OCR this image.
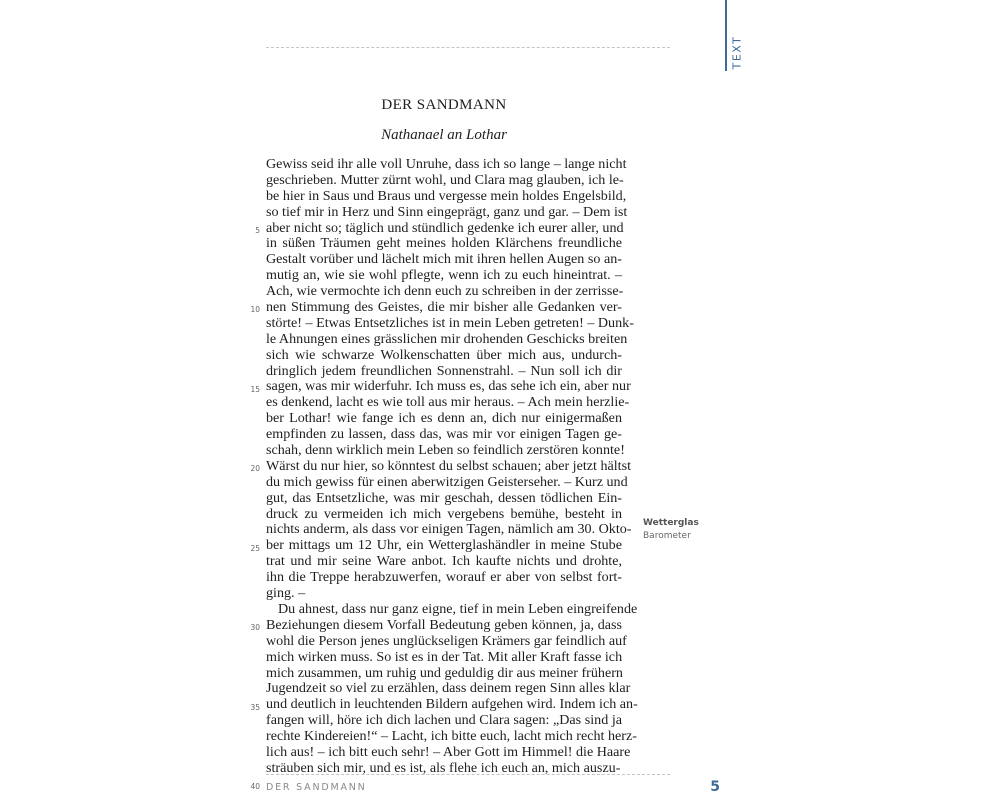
TEXT
DER SANDMANN
Nathanael an Lothar
Gewiss seid ihr alle voll Unruhe, dass ich so lange – lange nicht
geschrieben. Mutter zürnt wohl, und Clara mag glauben, ich le-
be hier in Saus und Braus und vergesse mein holdes Engelsbild,
so tief mir in Herz und Sinn eingeprägt, ganz und gar. – Dem ist
aber nicht so; täglich und stündlich gedenke ich eurer aller, und
in süßen Träumen geht meines holden Klärchens freundliche
Gestalt vorüber und lächelt mich mit ihren hellen Augen so an-
mutig an, wie sie wohl pflegte, wenn ich zu euch hineintrat. –
Ach, wie vermochte ich denn euch zu schreiben in der zerrisse-
nen Stimmung des Geistes, die mir bisher alle Gedanken ver-
störte! – Etwas Entsetzliches ist in mein Leben getreten! – Dunk-
le Ahnungen eines grässlichen mir drohenden Geschicks breiten
sich wie schwarze Wolkenschatten über mich aus, undurch-
dringlich jedem freundlichen Sonnenstrahl. – Nun soll ich dir
sagen, was mir widerfuhr. Ich muss es, das sehe ich ein, aber nur
es denkend, lacht es wie toll aus mir heraus. – Ach mein herzlie-
ber Lothar! wie fange ich es denn an, dich nur einigermaßen
empfinden zu lassen, dass das, was mir vor einigen Tagen ge-
schah, denn wirklich mein Leben so feindlich zerstören konnte!
Wärst du nur hier, so könntest du selbst schauen; aber jetzt hältst
du mich gewiss für einen aberwitzigen Geisterseher. – Kurz und
gut, das Entsetzliche, was mir geschah, dessen tödlichen Ein-
druck zu vermeiden ich mich vergebens bemühe, besteht in
nichts anderm, als dass vor einigen Tagen, nämlich am 30. Okto-
ber mittags um 12 Uhr, ein Wetterglashändler in meine Stube
trat und mir seine Ware anbot. Ich kaufte nichts und drohte,
ihn die Treppe herabzuwerfen, worauf er aber von selbst fort-
ging. –
Du ahnest, dass nur ganz eigne, tief in mein Leben eingreifende
Beziehungen diesem Vorfall Bedeutung geben können, ja, dass
wohl die Person jenes unglückseligen Krämers gar feindlich auf
mich wirken muss. So ist es in der Tat. Mit aller Kraft fasse ich
mich zusammen, um ruhig und geduldig dir aus meiner frühern
Jugendzeit so viel zu erzählen, dass deinem regen Sinn alles klar
und deutlich in leuchtenden Bildern aufgehen wird. Indem ich an-
fangen will, höre ich dich lachen und Clara sagen: „Das sind ja
rechte Kindereien!“ – Lacht, ich bitte euch, lacht mich recht herz-
lich aus! – ich bitt euch sehr! – Aber Gott im Himmel! die Haare
sträuben sich mir, und es ist, als flehe ich euch an, mich auszu-
5
10
15
20
25
30
35
40
Wetterglas
Barometer
DER SANDMANN	5
